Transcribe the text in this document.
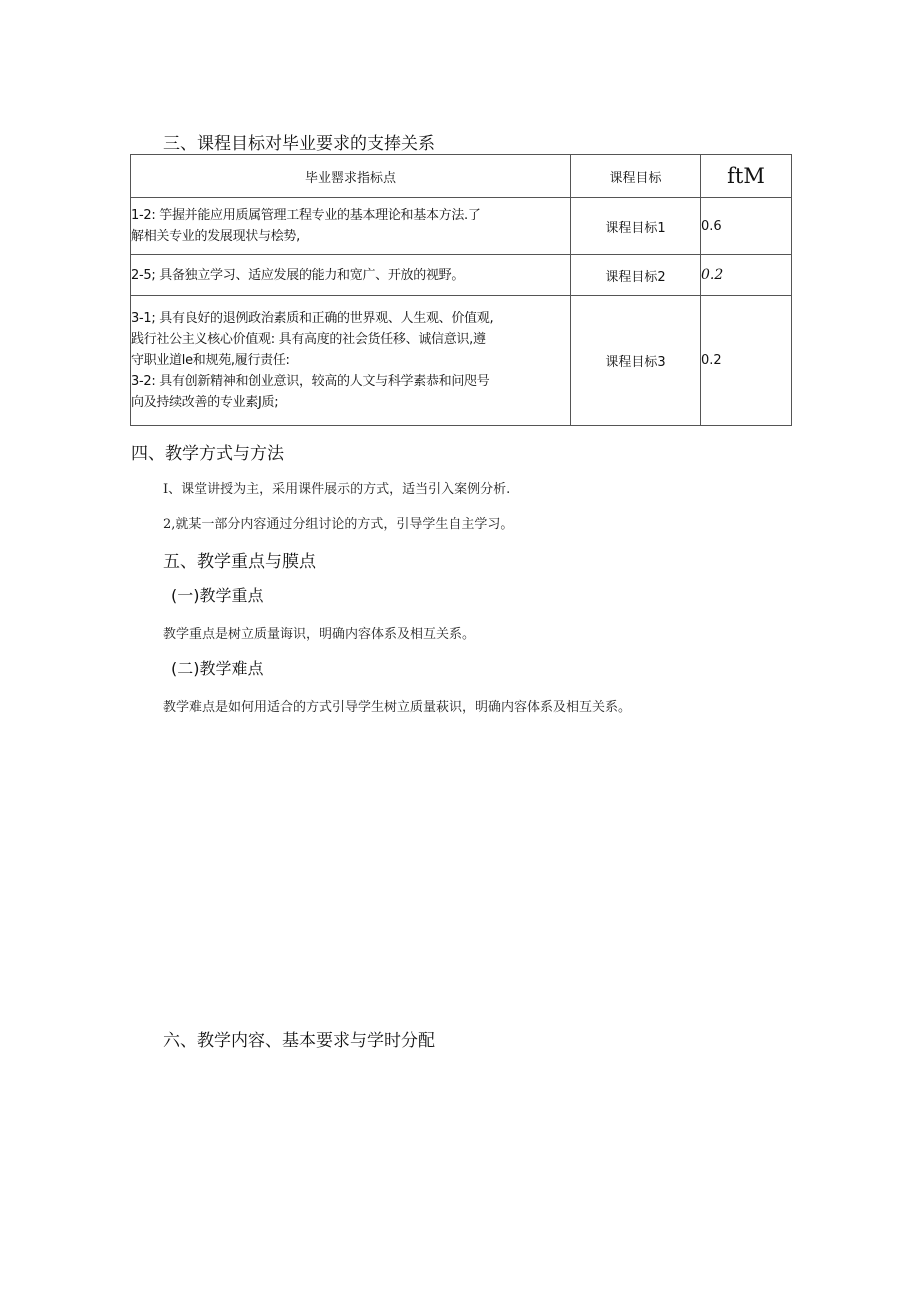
三、课程目标对毕业要求的支捧关系
毕业罂求指标点	课程目标	ftM

1-2: 竽握并能应用质属管理工程专业的基本理论和基本方法.了
解相关专业的发展现状与桧势,	课程目标1	0.6

2-5; 具备独立学习、适应发展的能力和宽广、开放的视野。	课程目标2	0.2

3-1; 具有良好的退例政治素质和正确的世界观、人生观、价值观,
践行社公主义核心价值观: 具有高度的社会货任移、诚信意识,遵
守职业道le和规苑,履行责任:
3-2: 具有创新精神和创业意识，较高的人文与科学素恭和问咫号
向及持续改善的专业素J质;	课程目标3	0.2
四、教学方式与方法
I、课堂讲授为主，采用课件展示的方式，适当引入案例分析.
2,就某一部分内容通过分组讨论的方式，引导学生自主学习。
五、教学重点与膜点
(一)教学重点
教学重点是树立质量诲识，明确内容体系及相互关系。
(二)教学难点
教学难点是如何用适合的方式引导学生树立质量萩识，明确内容体系及相互关系。
六、教学内容、基本要求与学时分配
